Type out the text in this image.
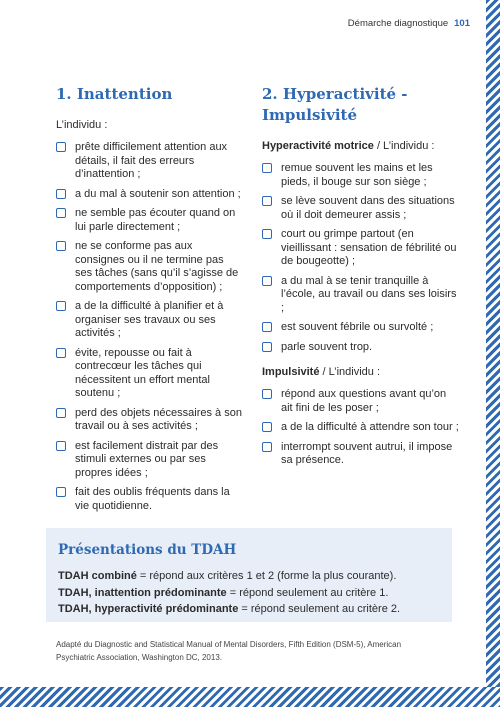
Démarche diagnostique 101
1. Inattention
L’individu :
prête difficilement attention aux détails, il fait des erreurs d’inattention ;
a du mal à soutenir son attention ;
ne semble pas écouter quand on lui parle directement ;
ne se conforme pas aux consignes ou il ne termine pas ses tâches (sans qu’il s’agisse de comportements d’opposition) ;
a de la difficulté à planifier et à organiser ses travaux ou ses activités ;
évite, repousse ou fait à contrecœur les tâches qui nécessitent un effort mental soutenu ;
perd des objets nécessaires à son travail ou à ses activités ;
est facilement distrait par des stimuli externes ou par ses propres idées ;
fait des oublis fréquents dans la vie quotidienne.
2. Hyperactivité - Impulsivité
Hyperactivité motrice / L’individu :
remue souvent les mains et les pieds, il bouge sur son siège ;
se lève souvent dans des situations où il doit demeurer assis ;
court ou grimpe partout (en vieillissant : sensation de fébrilité ou de bougeotte) ;
a du mal à se tenir tranquille à l’école, au travail ou dans ses loisirs ;
est souvent fébrile ou survolté ;
parle souvent trop.
Impulsivité / L’individu :
répond aux questions avant qu’on ait fini de les poser ;
a de la difficulté à attendre son tour ;
interrompt souvent autrui, il impose sa présence.
Présentations du TDAH
TDAH combiné = répond aux critères 1 et 2 (forme la plus courante).
TDAH, inattention prédominante = répond seulement au critère 1.
TDAH, hyperactivité prédominante = répond seulement au critère 2.
Adapté du Diagnostic and Statistical Manual of Mental Disorders, Fifth Edition (DSM-5), American Psychiatric Association, Washington DC, 2013.
